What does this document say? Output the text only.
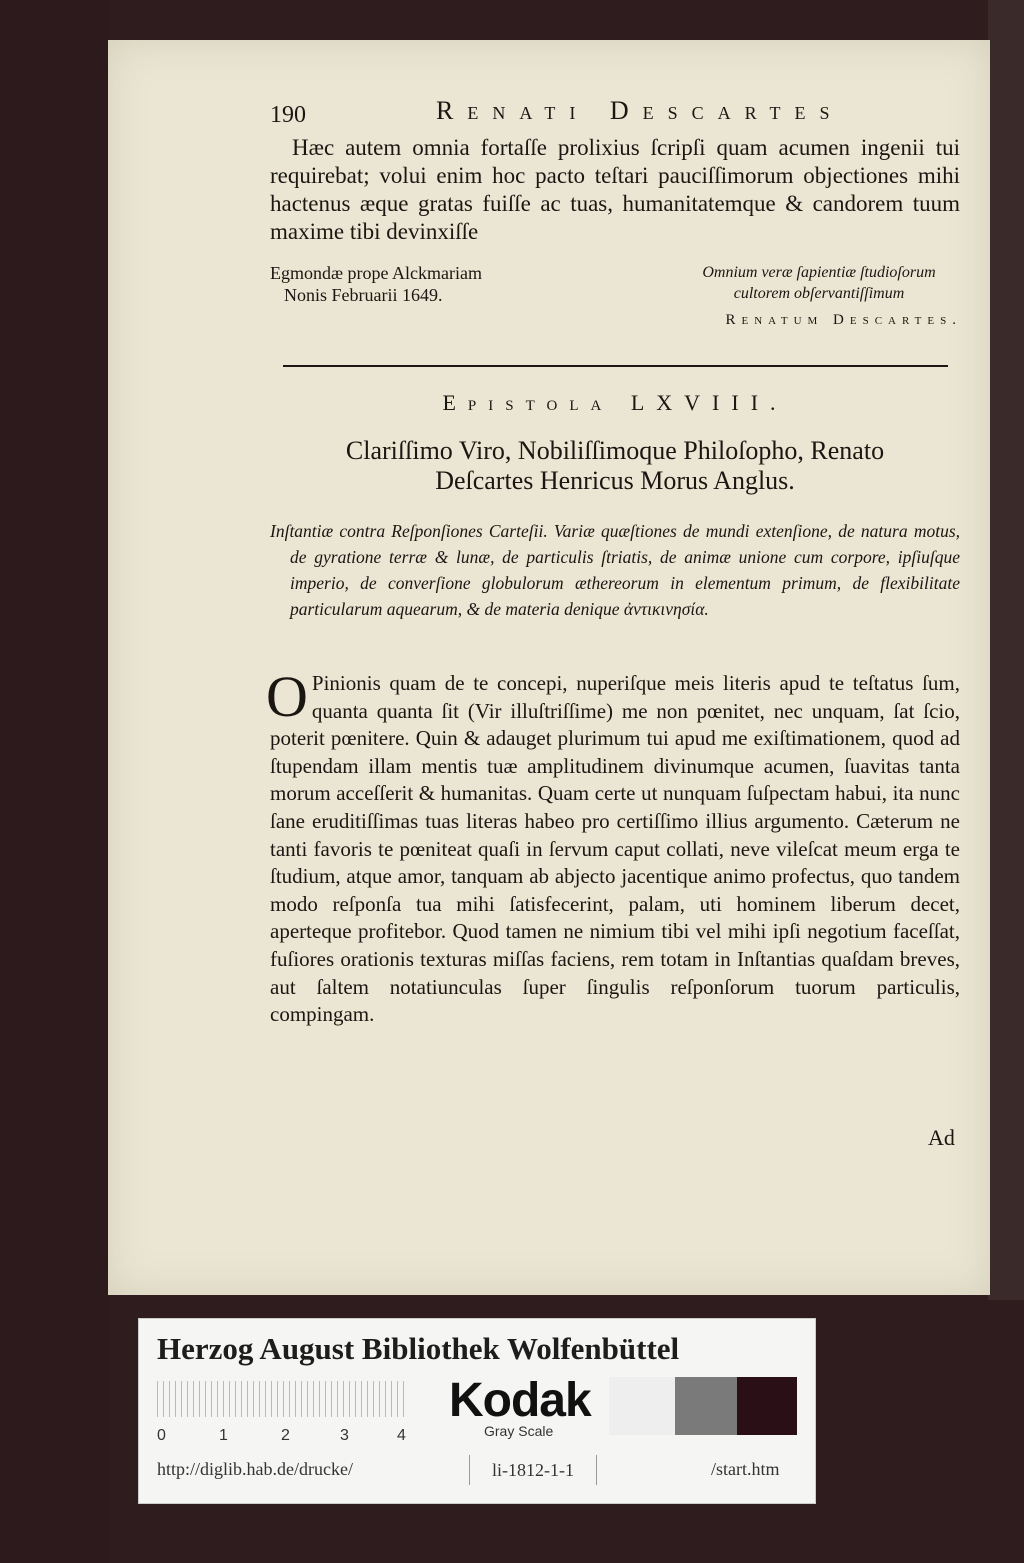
190	Renati Descartes
Hæc autem omnia fortaſſe prolixius ſcripſi quam acumen ingenii tui requirebat; volui enim hoc pacto teſtari pauciſſimorum objectiones mihi hactenus æque gratas fuiſſe ac tuas, humanitatemque & candorem tuum maxime tibi devinxiſſe
Egmondæ prope Alckmariam
Nonis Februarii 1649.
Omnium veræ ſapientiæ ſtudioſorum
cultorem obſervantiſſimum
Renatum Descartes.
Epistola LXVIII.
Clariſſimo Viro, Nobiliſſimoque Philoſopho, Renato
Deſcartes Henricus Morus Anglus.
Inſtantiæ contra Reſponſiones Carteſii. Variæ quæſtiones de mundi extenſione, de natura motus, de gyratione terræ & lunæ, de particulis ſtriatis, de animæ unione cum corpore, ipſiuſque imperio, de converſione globulorum æthereorum in elementum primum, de flexibilitate particularum aquearum, & de materia denique ἀντικινησία.
O Pinionis quam de te concepi, nuperiſque meis literis apud te teſtatus ſum, quanta quanta ſit (Vir illuſtriſſime) me non pœnitet, nec unquam, ſat ſcio, poterit pœnitere. Quin & adauget plurimum tui apud me exiſtimationem, quod ad ſtupendam illam mentis tuæ amplitudinem divinumque acumen, ſuavitas tanta morum acceſſerit & humanitas. Quam certe ut nunquam ſuſpectam habui, ita nunc ſane eruditiſſimas tuas literas habeo pro certiſſimo illius argumento. Cæterum ne tanti favoris te pœniteat quaſi in ſervum caput collati, neve vileſcat meum erga te ſtudium, atque amor, tanquam ab abjecto jacentique animo profectus, quo tandem modo reſponſa tua mihi ſatisfecerint, palam, uti hominem liberum decet, aperteque profitebor. Quod tamen ne nimium tibi vel mihi ipſi negotium faceſſat, fuſiores orationis texturas miſſas faciens, rem totam in Inſtantias quaſdam breves, aut ſaltem notatiunculas ſuper ſingulis reſponſorum tuorum particulis, compingam.
Ad
Herzog August Bibliothek Wolfenbüttel
0	1	2	3	4
Kodak
Gray Scale
http://diglib.hab.de/drucke/	li-1812-1-1	/start.htm
